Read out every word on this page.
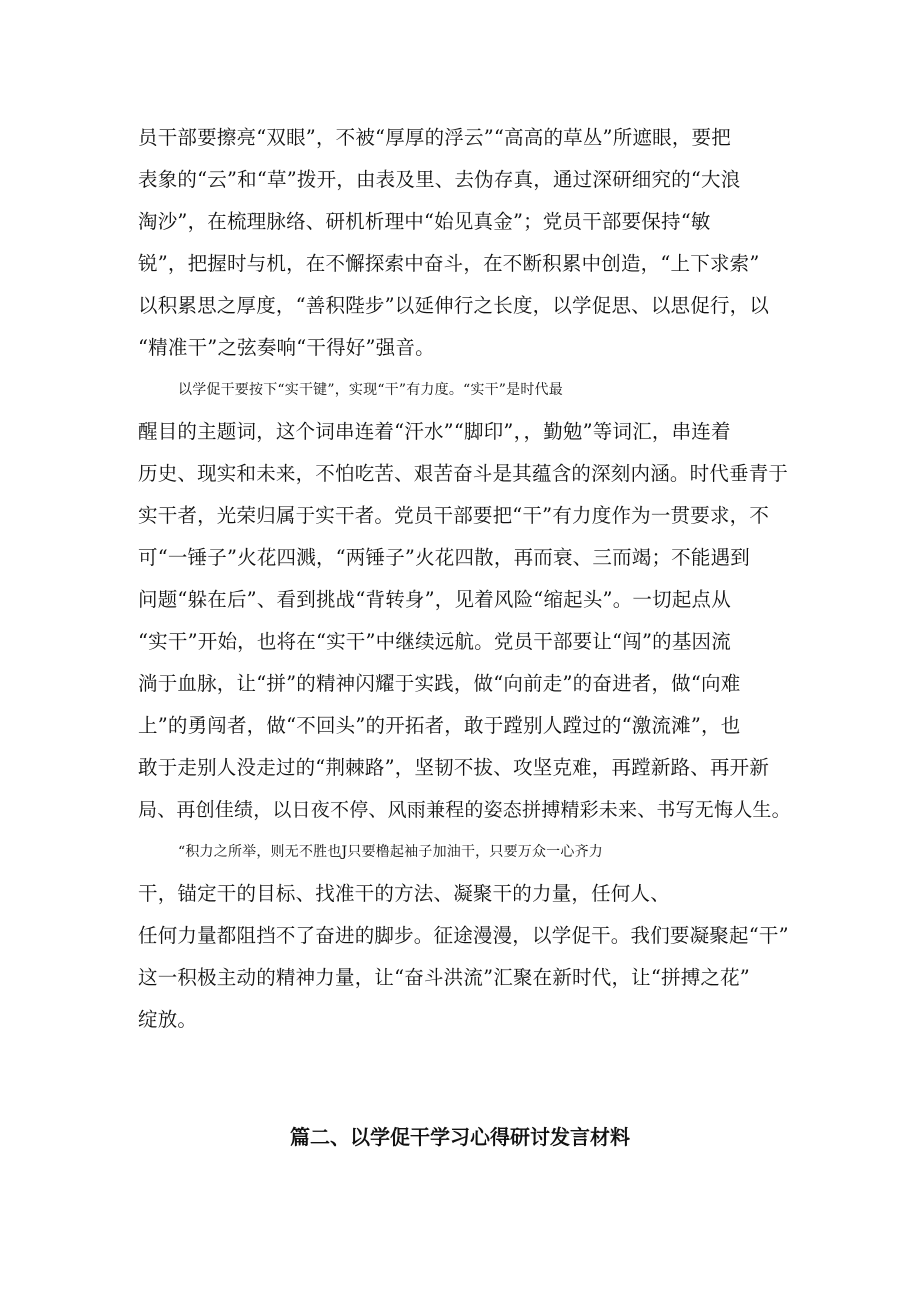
员干部要擦亮“双眼”，不被“厚厚的浮云”“高高的草丛”所遮眼，要把
表象的“云”和“草”拨开，由表及里、去伪存真，通过深研细究的“大浪
淘沙”，在梳理脉络、研机析理中“始见真金”；党员干部要保持“敏
锐”，把握时与机，在不懈探索中奋斗，在不断积累中创造，“上下求索”
以积累思之厚度，“善积陛步”以延伸行之长度，以学促思、以思促行，以
“精准干”之弦奏响“干得好”强音。
以学促干要按下“实干键”，实现“干”有力度。“实干”是时代最
醒目的主题词，这个词串连着“汗水”“脚印”，，勤勉”等词汇，串连着
历史、现实和未来，不怕吃苦、艰苦奋斗是其蕴含的深刻内涵。时代垂青于
实干者，光荣归属于实干者。党员干部要把“干”有力度作为一贯要求，不
可“一锤子”火花四溅，“两锤子”火花四散，再而衰、三而竭；不能遇到
问题“躲在后”、看到挑战“背转身”，见着风险“缩起头”。一切起点从
“实干”开始，也将在“实干”中继续远航。党员干部要让“闯”的基因流
淌于血脉，让“拼”的精神闪耀于实践，做“向前走”的奋进者，做“向难
上”的勇闯者，做“不回头”的开拓者，敢于蹚别人蹚过的“激流滩”，也
敢于走别人没走过的“荆棘路”，坚韧不拔、攻坚克难，再蹚新路、再开新
局、再创佳绩，以日夜不停、风雨兼程的姿态拼搏精彩未来、书写无悔人生。
“积力之所举，则无不胜也J只要橹起袖子加油干，只要万众一心齐力
干，锚定干的目标、找准干的方法、凝聚干的力量，任何人、
任何力量都阻挡不了奋进的脚步。征途漫漫，以学促干。我们要凝聚起“干”
这一积极主动的精神力量，让“奋斗洪流”汇聚在新时代，让“拼搏之花”
绽放。
篇二、以学促干学习心得研讨发言材料
